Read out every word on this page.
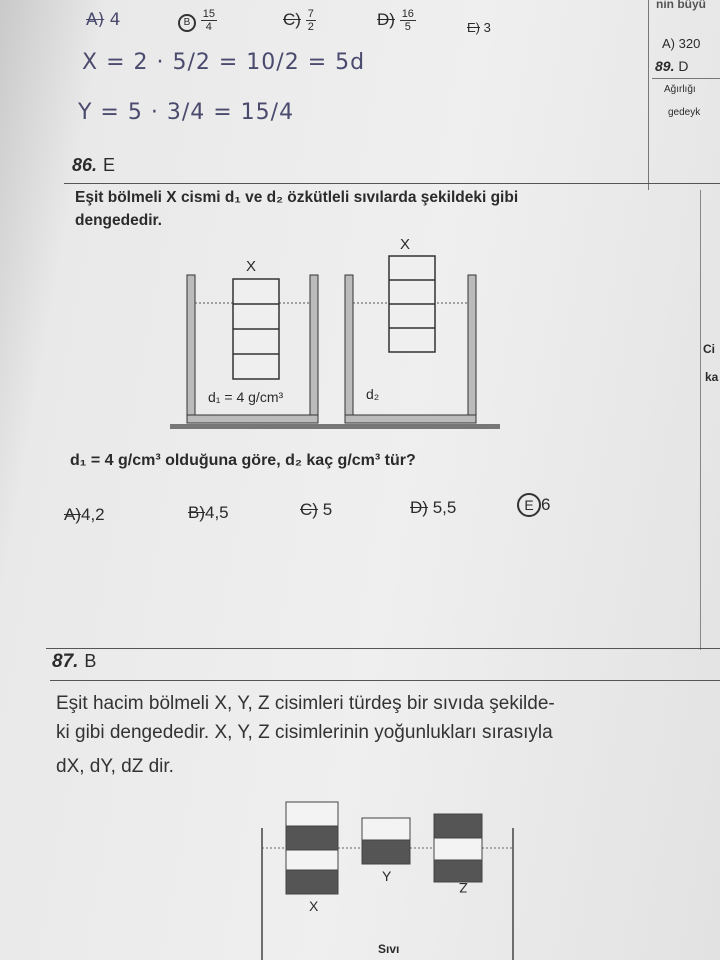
A) 4	B $\frac{15}{4}$	$C) \frac{7}{2}$	$D) \frac{16}{5}$	E) 3
X = 2 · 5/2 = 10/2 = 5d
Y = 5 · 3/4 = 15/4
nin büyü
A) 320
89. D
Ağırlığı
gedeyk
Ci
ka
86. E
Eşit bölmeli X cismi d₁ ve d₂ özkütleli sıvılarda şekildeki gibi
dengededir.
X
X
d₁ = 4 g/cm³	d₂
d₁ = 4 g/cm³ olduğuna göre, d₂ kaç g/cm³ tür?
A)4,2	B)4,5	C) 5	D) 5,5	E 6
87. B
Eşit hacim bölmeli X, Y, Z cisimleri türdeş bir sıvıda şekilde-
ki gibi dengededir. X, Y, Z cisimlerinin yoğunlukları sırasıyla
dX, dY, dZ dir.
X
Y
Z
Sıvı
